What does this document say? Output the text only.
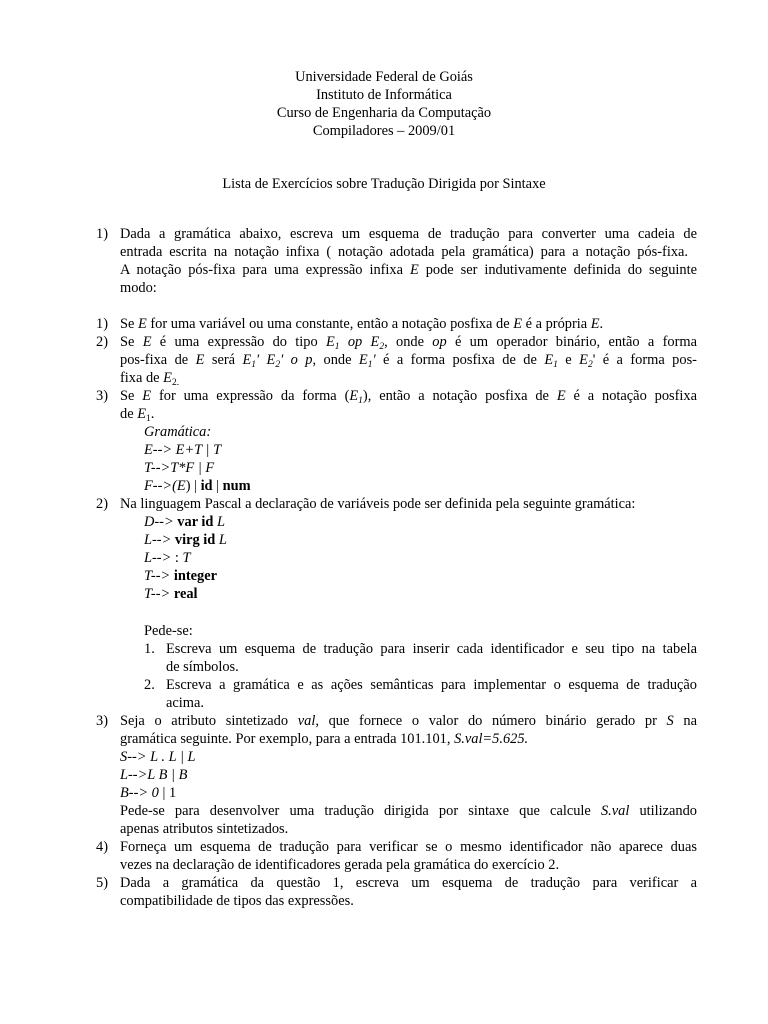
Universidade Federal de Goiás
Instituto de Informática
Curso de Engenharia da Computação
Compiladores – 2009/01
Lista de Exercícios sobre Tradução Dirigida por Sintaxe
1) Dada a gramática abaixo, escreva um esquema de tradução para converter uma cadeia de
entrada escrita na notação infixa ( notação adotada pela gramática) para a notação pós-fixa.
A notação pós-fixa para uma expressão infixa E pode ser indutivamente definida do seguinte
modo:
1) Se E for uma variável ou uma constante, então a notação posfixa de E é a própria E.
2) Se E é uma expressão do tipo $E_1$ op $E_2$, onde op é um operador binário, então a forma
pos-fixa de E será $E_1'$ $E_2'$ o p, onde $E_1'$ é a forma posfixa de de $E_1$ e $E_2'$ é a forma pos-
fixa de $E_{2.}$
3) Se E for uma expressão da forma $(E_1)$, então a notação posfixa de E é a notação posfixa
de $E_1$.
Gramática:
E--> E+T | T
T-->T*F | F
F-->(E) | id | num
2) Na linguagem Pascal a declaração de variáveis pode ser definida pela seguinte gramática:
D--> var id L
L--> virg id L
L--> : T
T--> integer
T--> real
Pede-se:
1. Escreva um esquema de tradução para inserir cada identificador e seu tipo na tabela
de símbolos.
2. Escreva a gramática e as ações semânticas para implementar o esquema de tradução
acima.
3) Seja o atributo sintetizado val, que fornece o valor do número binário gerado pr S na
gramática seguinte. Por exemplo, para a entrada 101.101, S.val=5.625.
S--> L . L | L
L-->L B | B
B--> 0 | 1
Pede-se para desenvolver uma tradução dirigida por sintaxe que calcule S.val utilizando
apenas atributos sintetizados.
4) Forneça um esquema de tradução para verificar se o mesmo identificador não aparece duas
vezes na declaração de identificadores gerada pela gramática do exercício 2.
5) Dada a gramática da questão 1, escreva um esquema de tradução para verificar a
compatibilidade de tipos das expressões.
